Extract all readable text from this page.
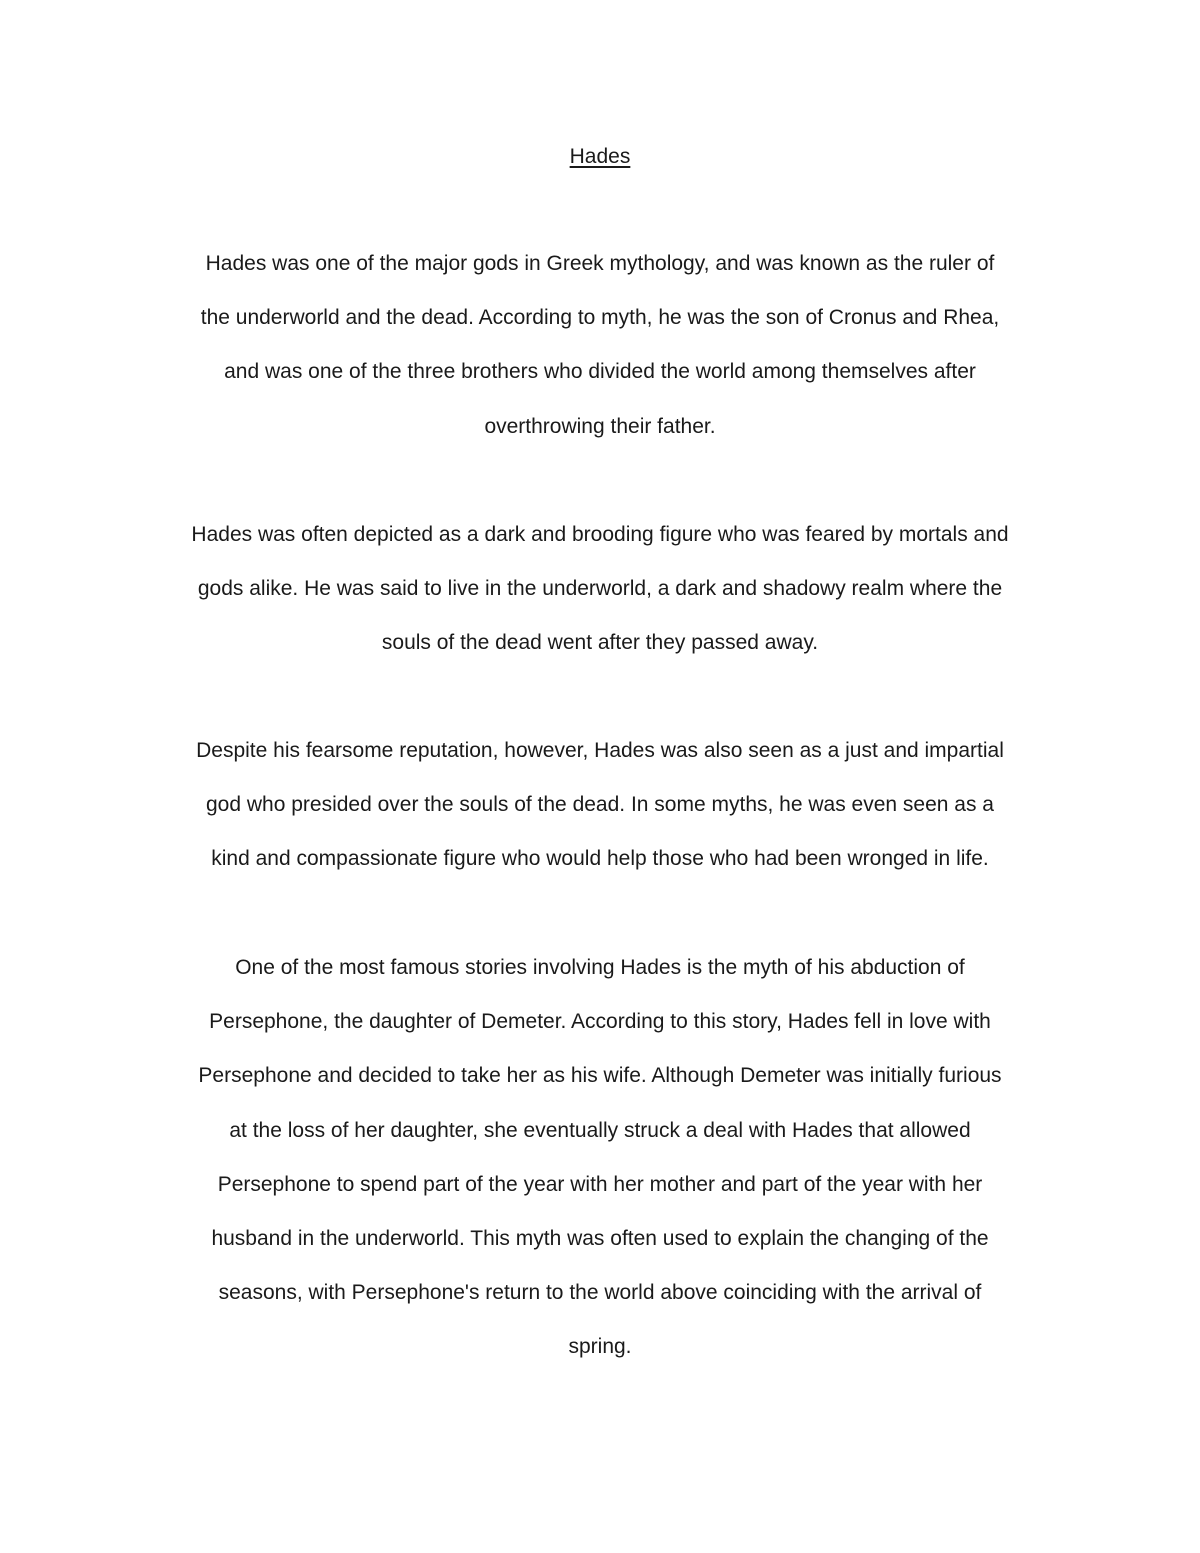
Hades

Hades was one of the major gods in Greek mythology, and was known as the ruler of
the underworld and the dead. According to myth, he was the son of Cronus and Rhea,
and was one of the three brothers who divided the world among themselves after
overthrowing their father.

Hades was often depicted as a dark and brooding figure who was feared by mortals and
gods alike. He was said to live in the underworld, a dark and shadowy realm where the
souls of the dead went after they passed away.

Despite his fearsome reputation, however, Hades was also seen as a just and impartial
god who presided over the souls of the dead. In some myths, he was even seen as a
kind and compassionate figure who would help those who had been wronged in life.

One of the most famous stories involving Hades is the myth of his abduction of
Persephone, the daughter of Demeter. According to this story, Hades fell in love with
Persephone and decided to take her as his wife. Although Demeter was initially furious
at the loss of her daughter, she eventually struck a deal with Hades that allowed
Persephone to spend part of the year with her mother and part of the year with her
husband in the underworld. This myth was often used to explain the changing of the
seasons, with Persephone's return to the world above coinciding with the arrival of
spring.
